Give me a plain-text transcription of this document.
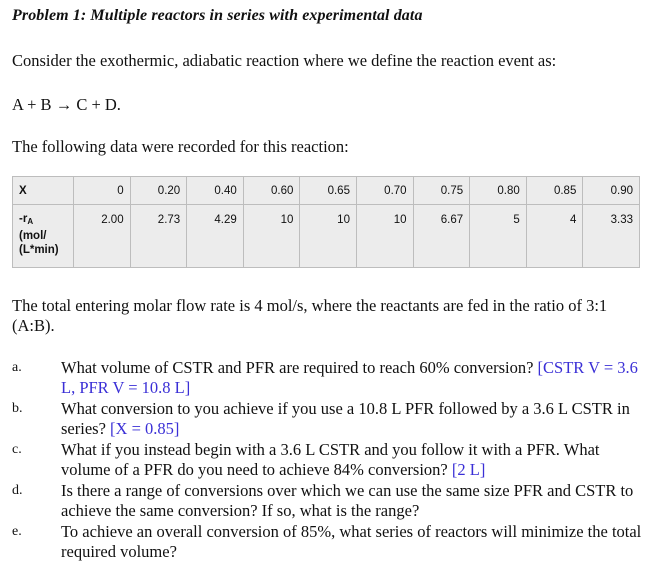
Problem 1: Multiple reactors in series with experimental data
Consider the exothermic, adiabatic reaction where we define the reaction event as:
A + B → C + D.
The following data were recorded for this reaction:
X	0	0.20	0.40	0.60	0.65	0.70	0.75	0.80	0.85	0.90
$-r_A$
(mol/
(L*min)	2.00	2.73	4.29	10	10	10	6.67	5	4	3.33
The total entering molar flow rate is 4 mol/s, where the reactants are fed in the ratio of 3:1 (A:B).
a.	What volume of CSTR and PFR are required to reach 60% conversion? [CSTR V = 3.6 L, PFR V = 10.8 L]
b.	What conversion to you achieve if you use a 10.8 L PFR followed by a 3.6 L CSTR in series? [X = 0.85]
c.	What if you instead begin with a 3.6 L CSTR and you follow it with a PFR. What volume of a PFR do you need to achieve 84% conversion? [2 L]
d.	Is there a range of conversions over which we can use the same size PFR and CSTR to achieve the same conversion? If so, what is the range?
e.	To achieve an overall conversion of 85%, what series of reactors will minimize the total required volume?
